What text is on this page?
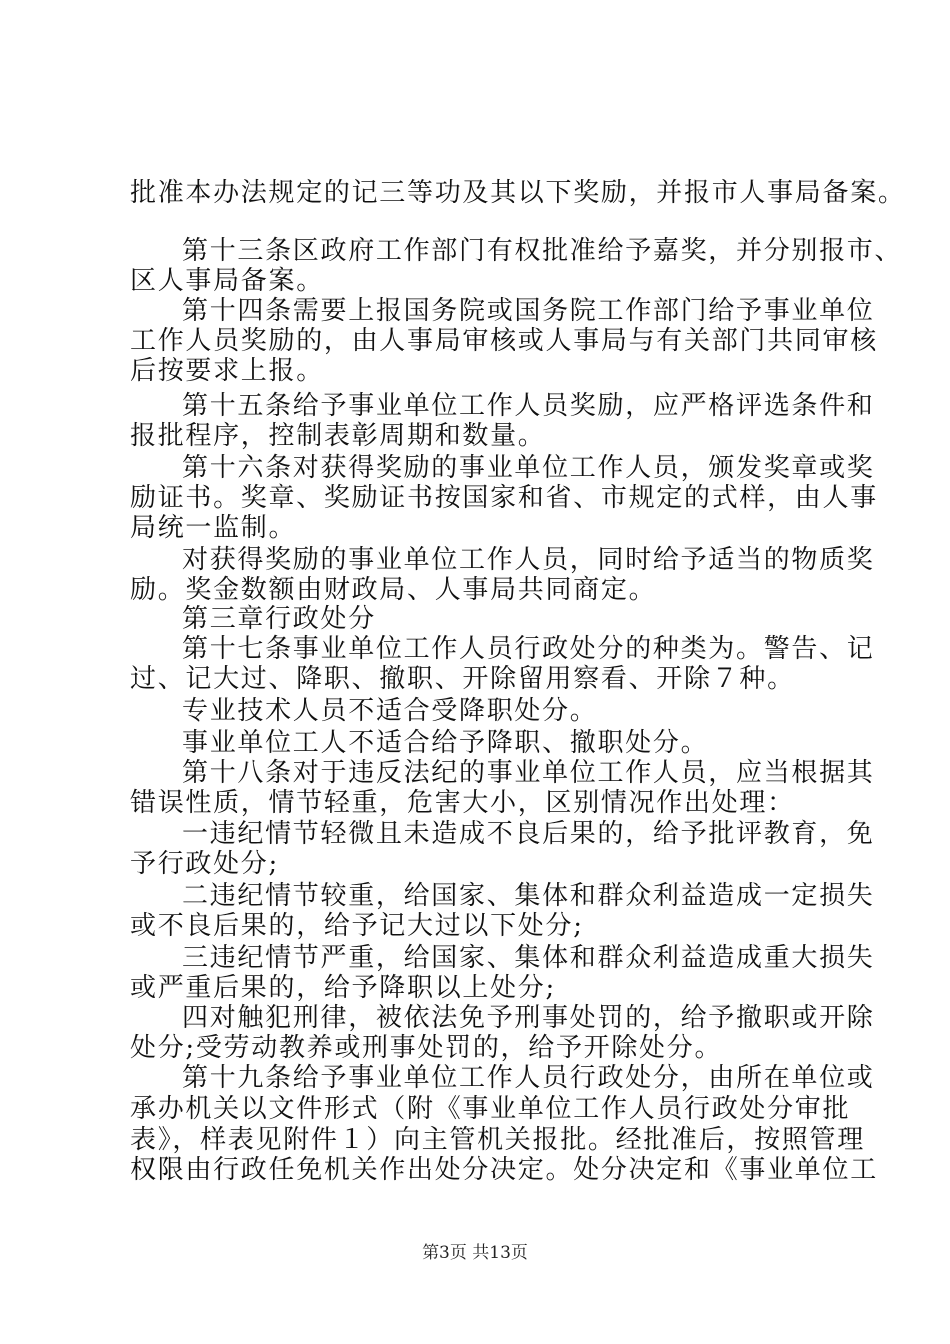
批准本办法规定的记三等功及其以下奖励，并报市人事局备案。
第十三条区政府工作部门有权批准给予嘉奖，并分别报市、
区人事局备案。
第十四条需要上报国务院或国务院工作部门给予事业单位
工作人员奖励的，由人事局审核或人事局与有关部门共同审核
后按要求上报。
第十五条给予事业单位工作人员奖励，应严格评选条件和
报批程序，控制表彰周期和数量。
第十六条对获得奖励的事业单位工作人员，颁发奖章或奖
励证书。奖章、奖励证书按国家和省、市规定的式样，由人事
局统一监制。
对获得奖励的事业单位工作人员，同时给予适当的物质奖
励。奖金数额由财政局、人事局共同商定。
第三章行政处分
第十七条事业单位工作人员行政处分的种类为。警告、记
过、记大过、降职、撤职、开除留用察看、开除７种。
专业技术人员不适合受降职处分。
事业单位工人不适合给予降职、撤职处分。
第十八条对于违反法纪的事业单位工作人员，应当根据其
错误性质，情节轻重，危害大小，区别情况作出处理：
一违纪情节轻微且未造成不良后果的，给予批评教育，免
予行政处分;
二违纪情节较重，给国家、集体和群众利益造成一定损失
或不良后果的，给予记大过以下处分;
三违纪情节严重，给国家、集体和群众利益造成重大损失
或严重后果的，给予降职以上处分;
四对触犯刑律，被依法免予刑事处罚的，给予撤职或开除
处分;受劳动教养或刑事处罚的，给予开除处分。
第十九条给予事业单位工作人员行政处分，由所在单位或
承办机关以文件形式（附《事业单位工作人员行政处分审批
表》，样表见附件１）向主管机关报批。经批准后，按照管理
权限由行政任免机关作出处分决定。处分决定和《事业单位工
第3页 共13页
